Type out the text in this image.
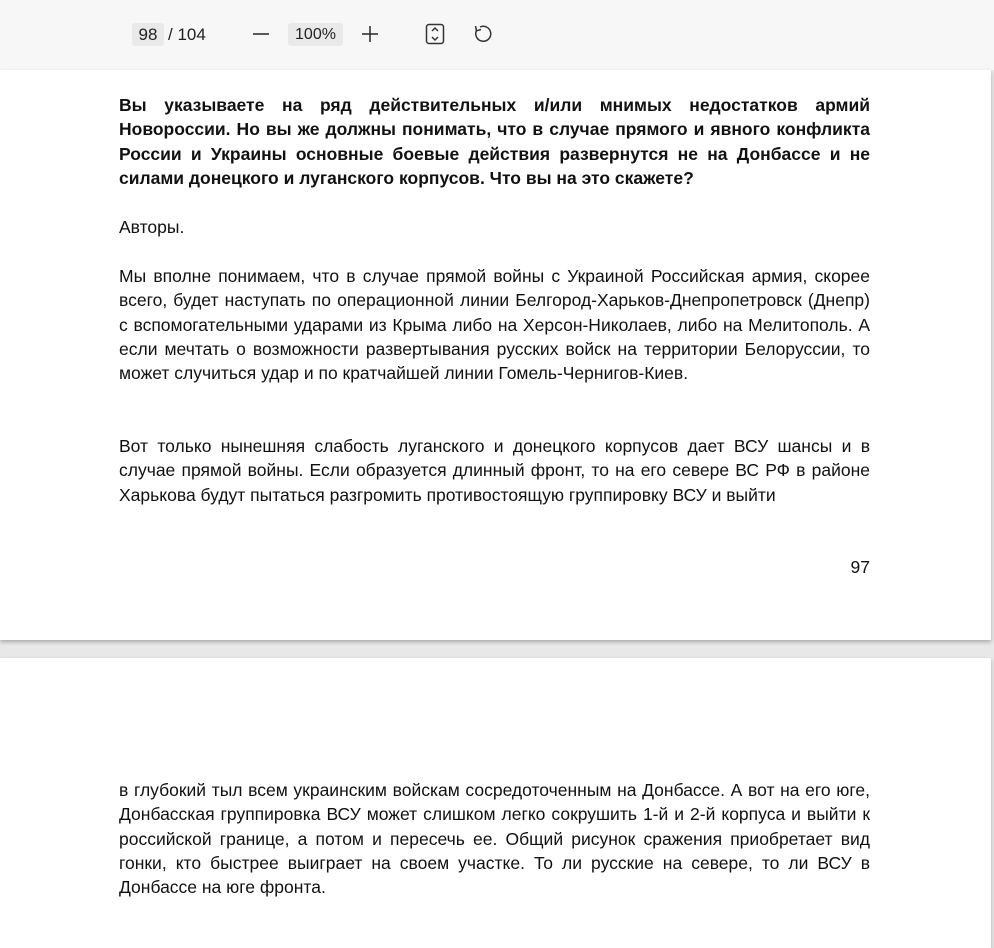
98 / 104	100%
Вы указываете на ряд действительных и/или мнимых недостатков армий Новороссии. Но вы же должны понимать, что в случае прямого и явного конфликта России и Украины основные боевые действия развернутся не на Донбассе и не силами донецкого и луганского корпусов. Что вы на это скажете?
Авторы.
Мы вполне понимаем, что в случае прямой войны с Украиной Российская армия, скорее всего, будет наступать по операционной линии Белгород-Харьков-Днепропетровск (Днепр) с вспомогательными ударами из Крыма либо на Херсон-Николаев, либо на Мелитополь. А если мечтать о возможности развертывания русских войск на территории Белоруссии, то может случиться удар и по кратчайшей линии Гомель-Чернигов-Киев.
Вот только нынешняя слабость луганского и донецкого корпусов дает ВСУ шансы и в случае прямой войны. Если образуется длинный фронт, то на его севере ВС РФ в районе Харькова будут пытаться разгромить противостоящую группировку ВСУ и выйти
97
в глубокий тыл всем украинским войскам сосредоточенным на Донбассе. А вот на его юге, Донбасская группировка ВСУ может слишком легко сокрушить 1-й и 2-й корпуса и выйти к российской границе, а потом и пересечь ее. Общий рисунок сражения приобретает вид гонки, кто быстрее выиграет на своем участке. То ли русские на севере, то ли ВСУ в Донбассе на юге фронта.
